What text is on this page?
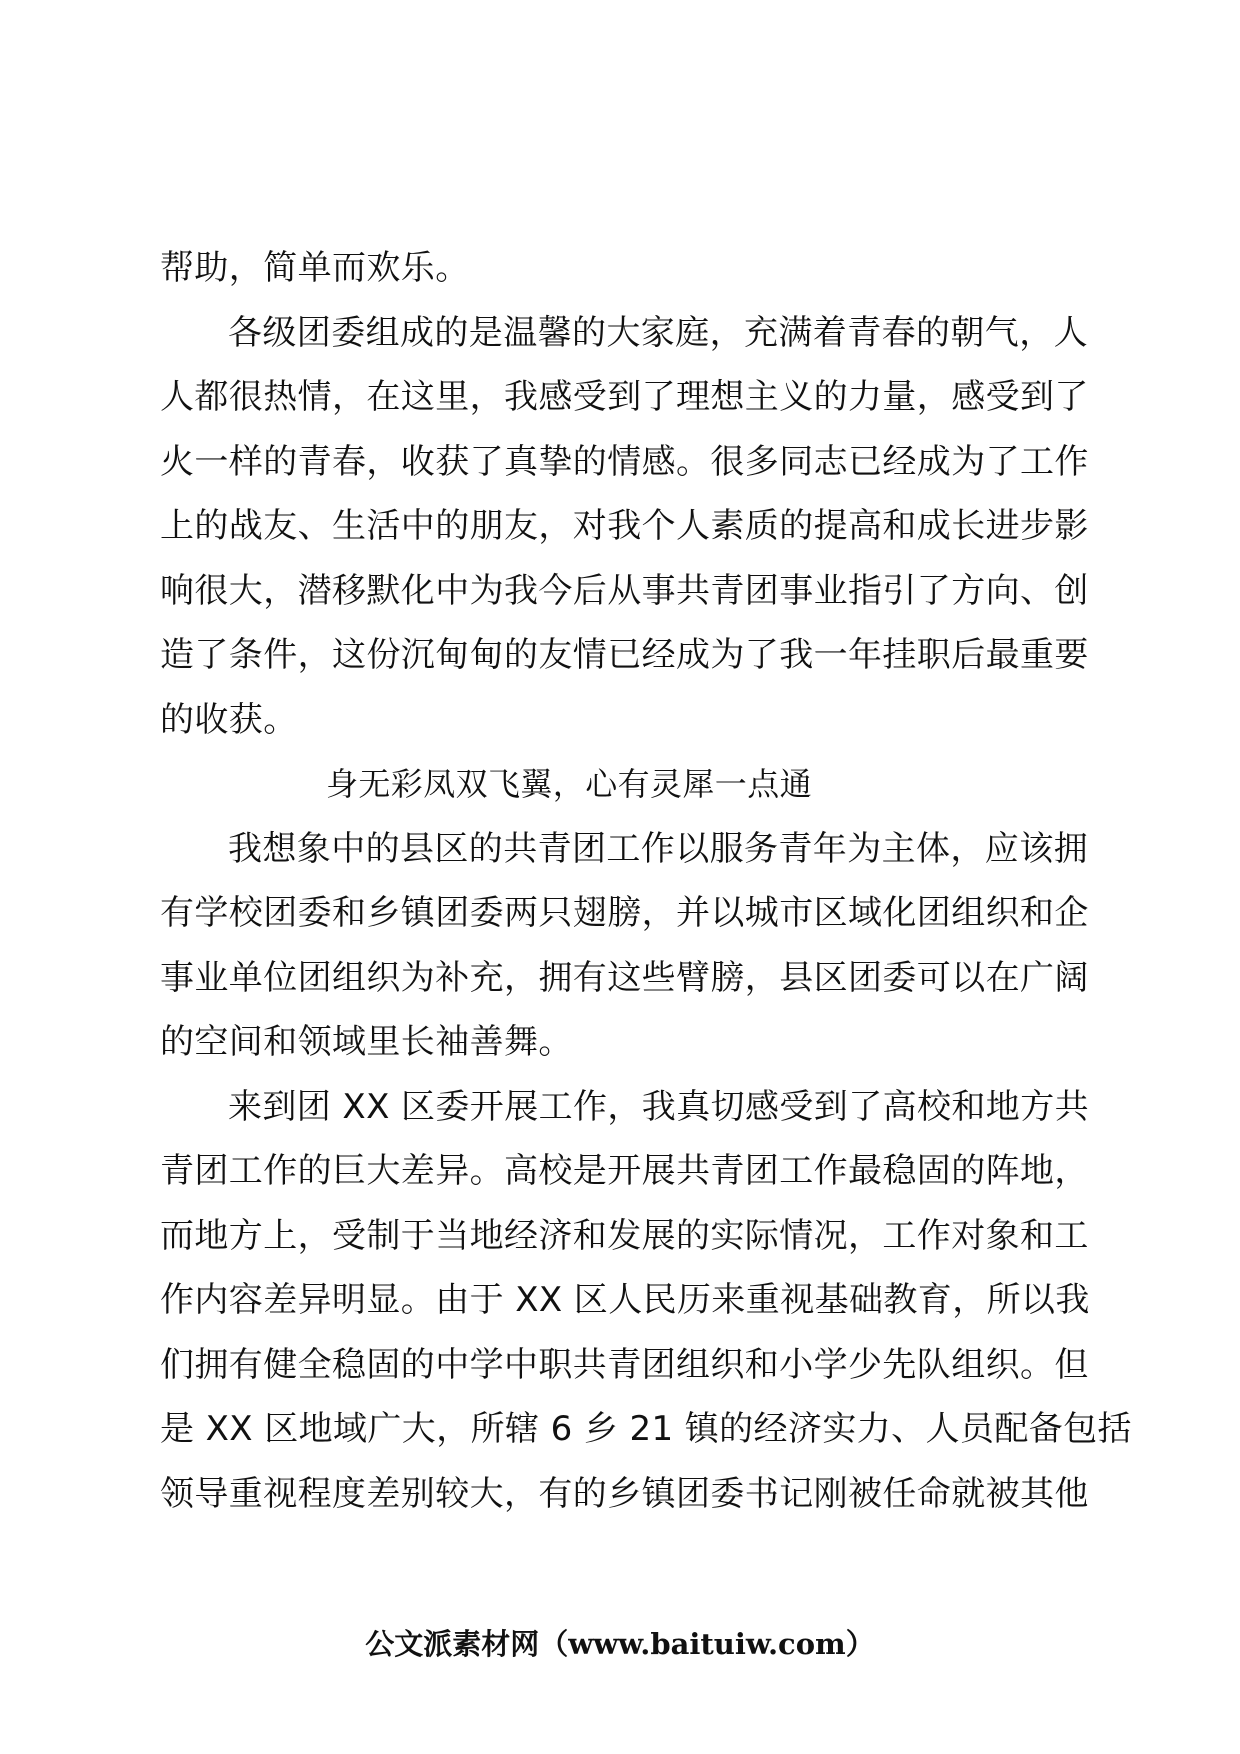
帮助，简单而欢乐。
各级团委组成的是温馨的大家庭，充满着青春的朝气，人
人都很热情，在这里，我感受到了理想主义的力量，感受到了
火一样的青春，收获了真挚的情感。很多同志已经成为了工作
上的战友、生活中的朋友，对我个人素质的提高和成长进步影
响很大，潜移默化中为我今后从事共青团事业指引了方向、创
造了条件，这份沉甸甸的友情已经成为了我一年挂职后最重要
的收获。
身无彩凤双飞翼，心有灵犀一点通
我想象中的县区的共青团工作以服务青年为主体，应该拥
有学校团委和乡镇团委两只翅膀，并以城市区域化团组织和企
事业单位团组织为补充，拥有这些臂膀，县区团委可以在广阔
的空间和领域里长袖善舞。
来到团 XX 区委开展工作，我真切感受到了高校和地方共
青团工作的巨大差异。高校是开展共青团工作最稳固的阵地，
而地方上，受制于当地经济和发展的实际情况，工作对象和工
作内容差异明显。由于 XX 区人民历来重视基础教育，所以我
们拥有健全稳固的中学中职共青团组织和小学少先队组织。但
是 XX 区地域广大，所辖 6 乡 21 镇的经济实力、人员配备包括
领导重视程度差别较大，有的乡镇团委书记刚被任命就被其他
公文派素材网（www.baituiw.com）
